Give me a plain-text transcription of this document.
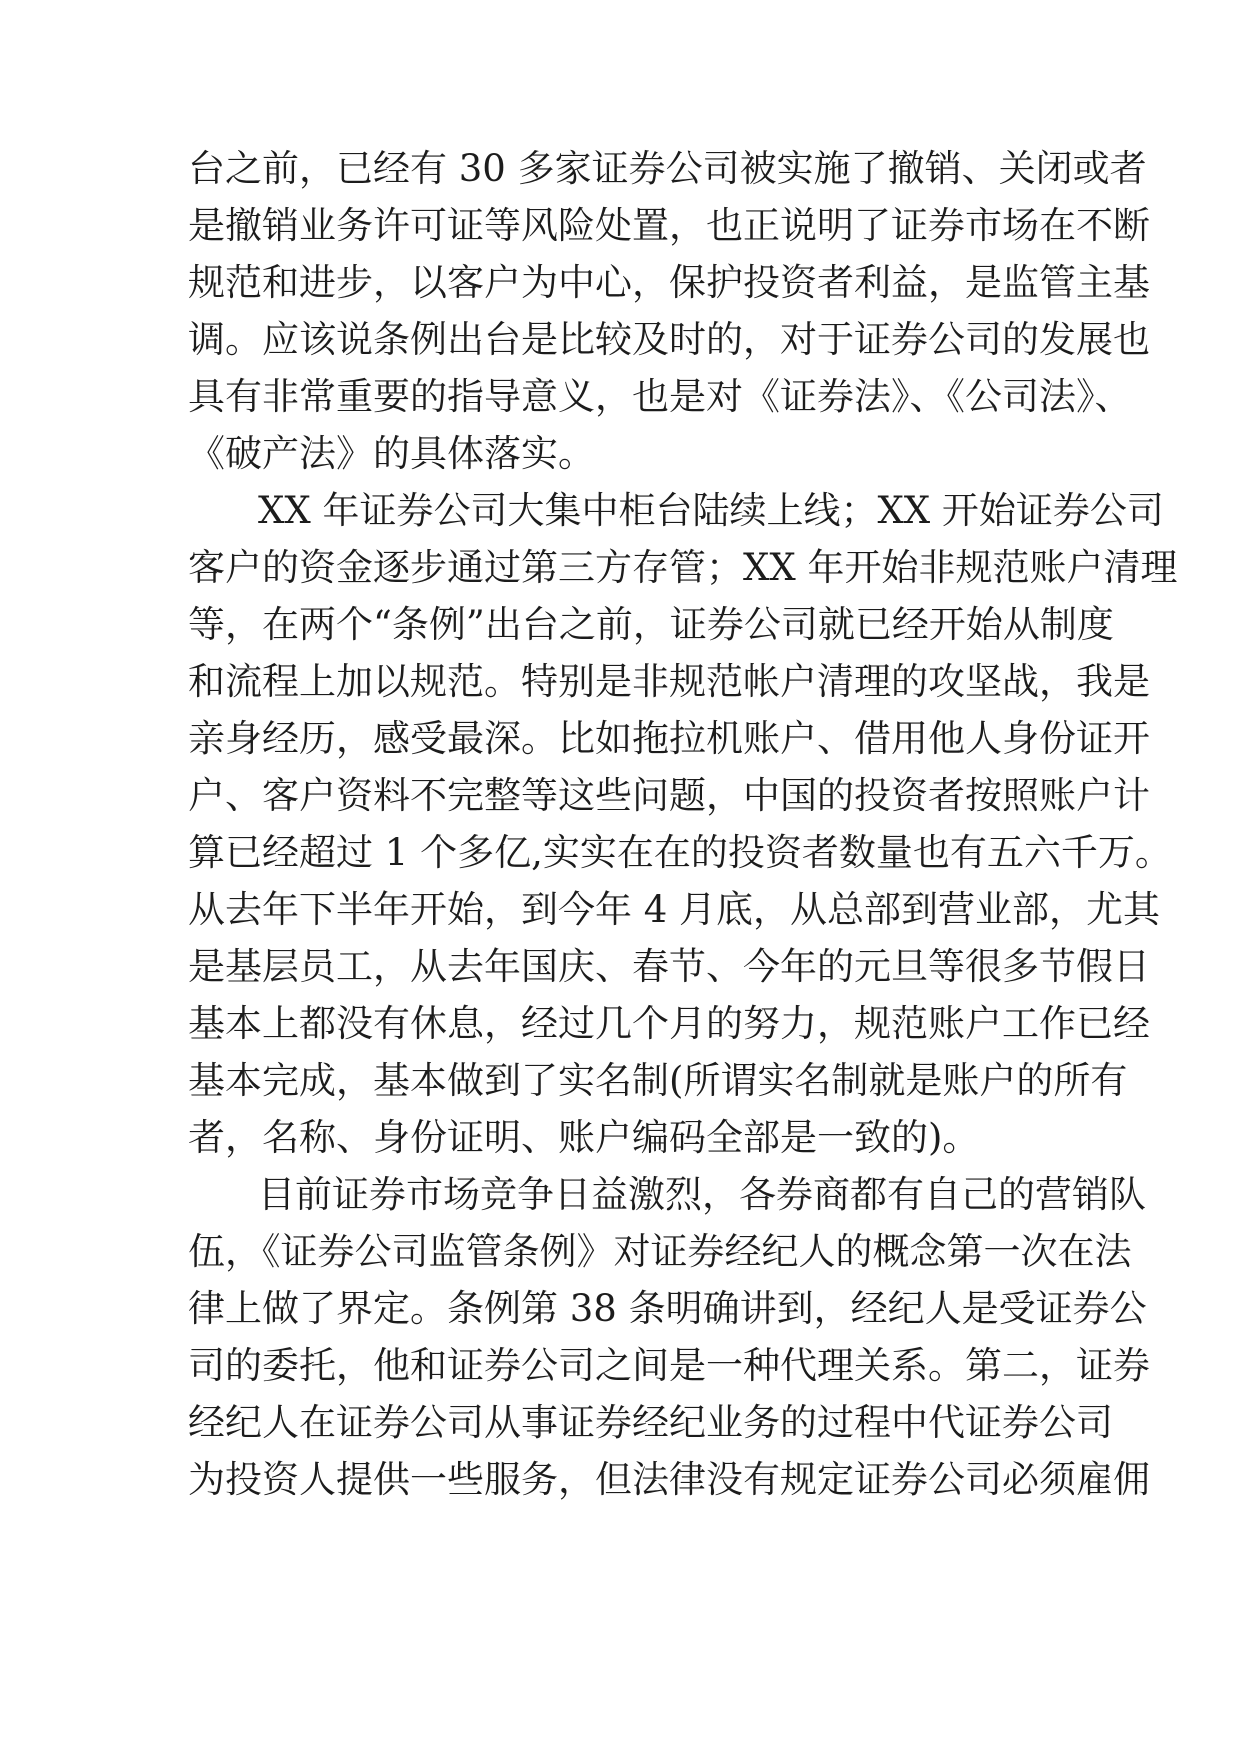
台之前，已经有 30 多家证券公司被实施了撤销、关闭或者
是撤销业务许可证等风险处置，也正说明了证券市场在不断
规范和进步，以客户为中心，保护投资者利益，是监管主基
调。应该说条例出台是比较及时的，对于证券公司的发展也
具有非常重要的指导意义，也是对《证券法》、《公司法》、
《破产法》的具体落实。
XX 年证券公司大集中柜台陆续上线；XX 开始证券公司
客户的资金逐步通过第三方存管；XX 年开始非规范账户清理
等，在两个“条例”出台之前，证券公司就已经开始从制度
和流程上加以规范。特别是非规范帐户清理的攻坚战，我是
亲身经历，感受最深。比如拖拉机账户、借用他人身份证开
户、客户资料不完整等这些问题，中国的投资者按照账户计
算已经超过 1 个多亿,实实在在的投资者数量也有五六千万。
从去年下半年开始，到今年 4 月底，从总部到营业部，尤其
是基层员工，从去年国庆、春节、今年的元旦等很多节假日
基本上都没有休息，经过几个月的努力，规范账户工作已经
基本完成，基本做到了实名制(所谓实名制就是账户的所有
者，名称、身份证明、账户编码全部是一致的)。
目前证券市场竞争日益激烈，各券商都有自己的营销队
伍，《证券公司监管条例》对证券经纪人的概念第一次在法
律上做了界定。条例第 38 条明确讲到，经纪人是受证券公
司的委托，他和证券公司之间是一种代理关系。第二，证券
经纪人在证券公司从事证券经纪业务的过程中代证券公司
为投资人提供一些服务，但法律没有规定证券公司必须雇佣
